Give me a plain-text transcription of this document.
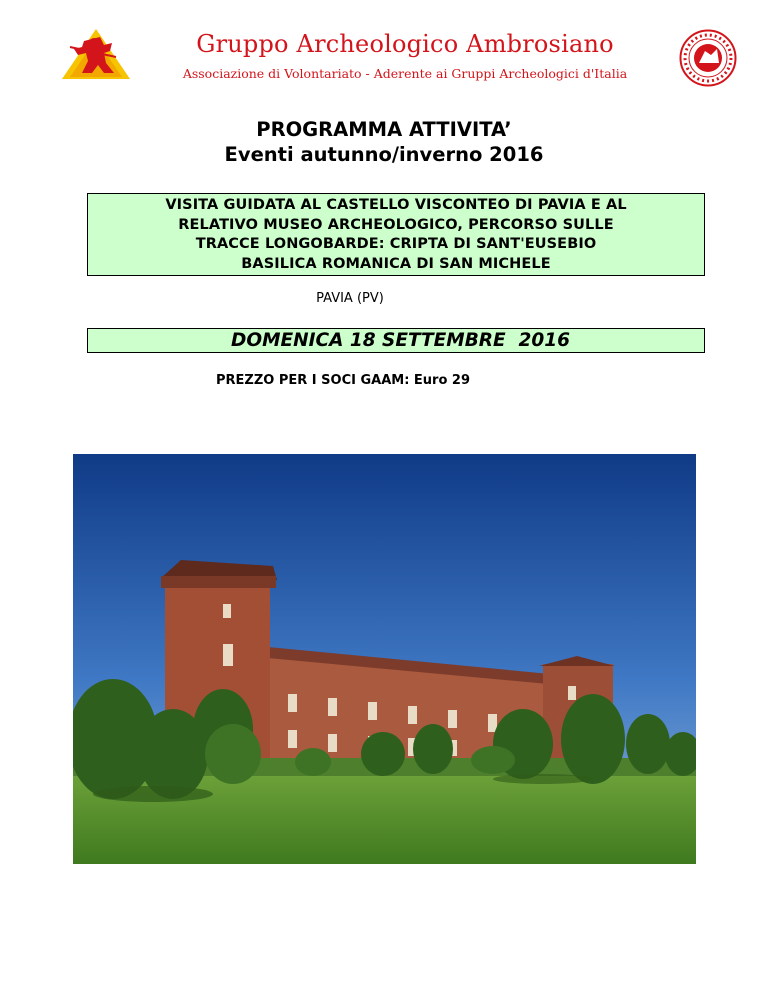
Gruppo Archeologico Ambrosiano
Associazione di Volontariato - Aderente ai Gruppi Archeologici d'Italia
PROGRAMMA ATTIVITA’
Eventi autunno/inverno 2016
VISITA GUIDATA AL CASTELLO VISCONTEO DI PAVIA E AL
RELATIVO MUSEO ARCHEOLOGICO, PERCORSO SULLE
TRACCE LONGOBARDE: CRIPTA DI SANT'EUSEBIO
BASILICA ROMANICA DI SAN MICHELE
PAVIA (PV)
DOMENICA 18 SETTEMBRE  2016
PREZZO PER I SOCI GAAM: Euro 29
